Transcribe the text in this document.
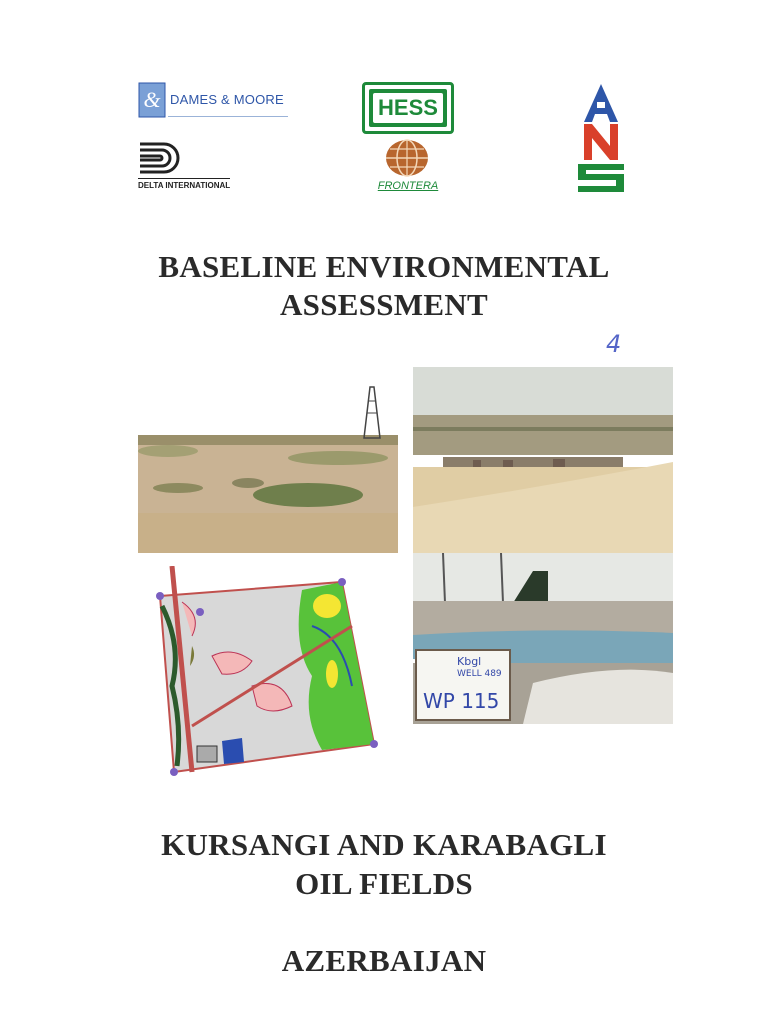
& DAMES & MOORE
DELTA INTERNATIONAL
HESS
FRONTERA
BASELINE ENVIRONMENTAL
ASSESSMENT
4
Kbgl
WELL 489
WP 115
KURSANGI AND KARABAGLI
OIL FIELDS
AZERBAIJAN
